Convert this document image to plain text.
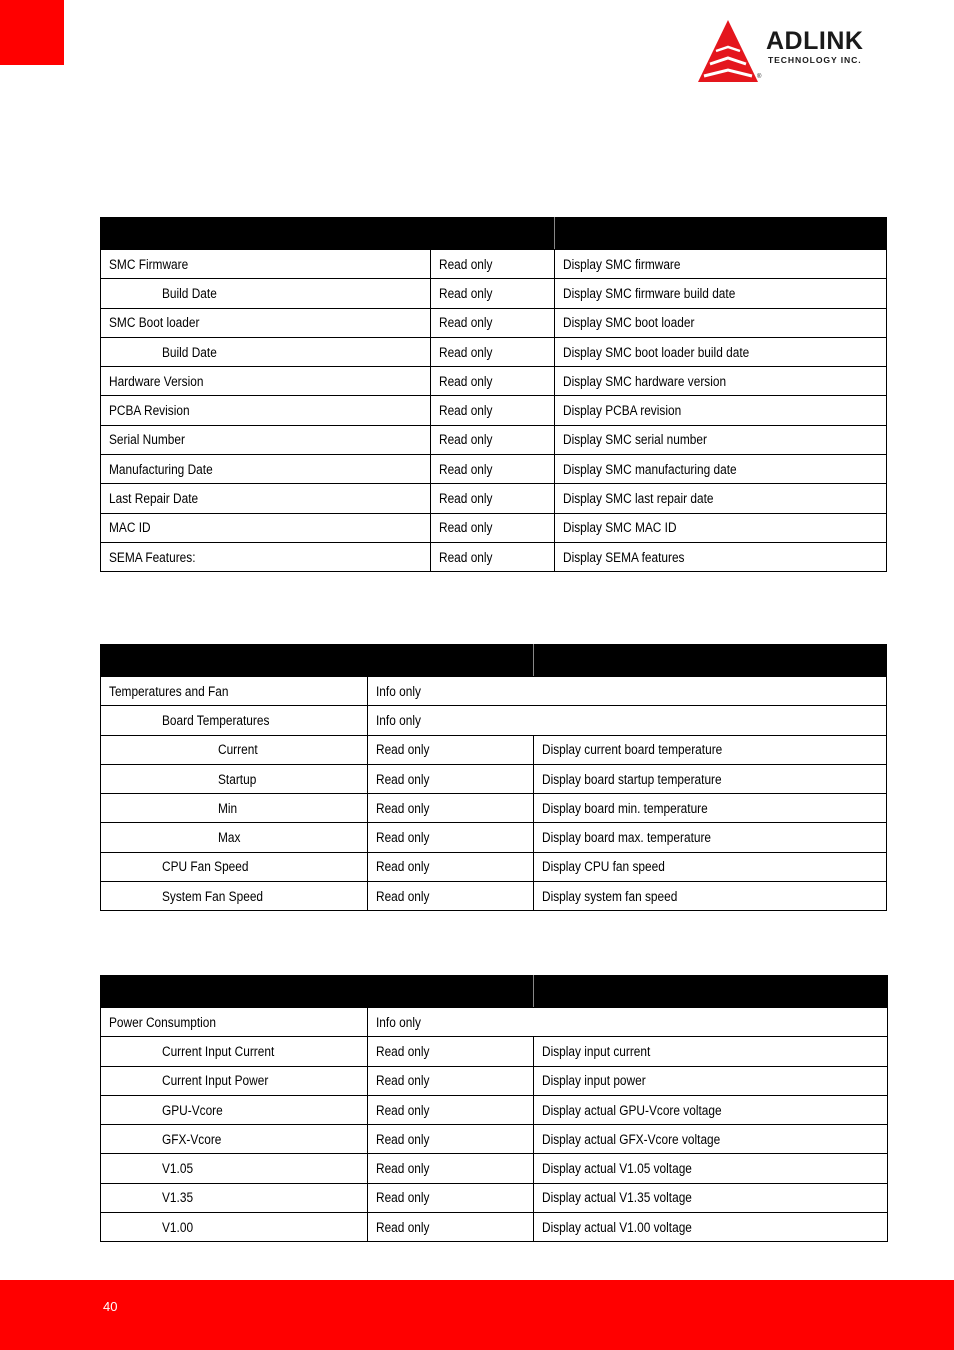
ADLINK
TECHNOLOGY INC.
®

SMC Firmware	Read only	Display SMC firmware
Build Date	Read only	Display SMC firmware build date
SMC Boot loader	Read only	Display SMC boot loader
Build Date	Read only	Display SMC boot loader build date
Hardware Version	Read only	Display SMC hardware version
PCBA Revision	Read only	Display PCBA revision
Serial Number	Read only	Display SMC serial number
Manufacturing Date	Read only	Display SMC manufacturing date
Last Repair Date	Read only	Display SMC last repair date
MAC ID	Read only	Display SMC MAC ID
SEMA Features:	Read only	Display SEMA features

Temperatures and Fan	Info only	
Board Temperatures	Info only	
Current	Read only	Display current board temperature
Startup	Read only	Display board startup temperature
Min	Read only	Display board min. temperature
Max	Read only	Display board max. temperature
CPU Fan Speed	Read only	Display CPU fan speed
System Fan Speed	Read only	Display system fan speed

Power Consumption	Info only	
Current Input Current	Read only	Display input current
Current Input Power	Read only	Display input power
GPU-Vcore	Read only	Display actual GPU-Vcore voltage
GFX-Vcore	Read only	Display actual GFX-Vcore voltage
V1.05	Read only	Display actual V1.05 voltage
V1.35	Read only	Display actual V1.35 voltage
V1.00	Read only	Display actual V1.00 voltage
40
